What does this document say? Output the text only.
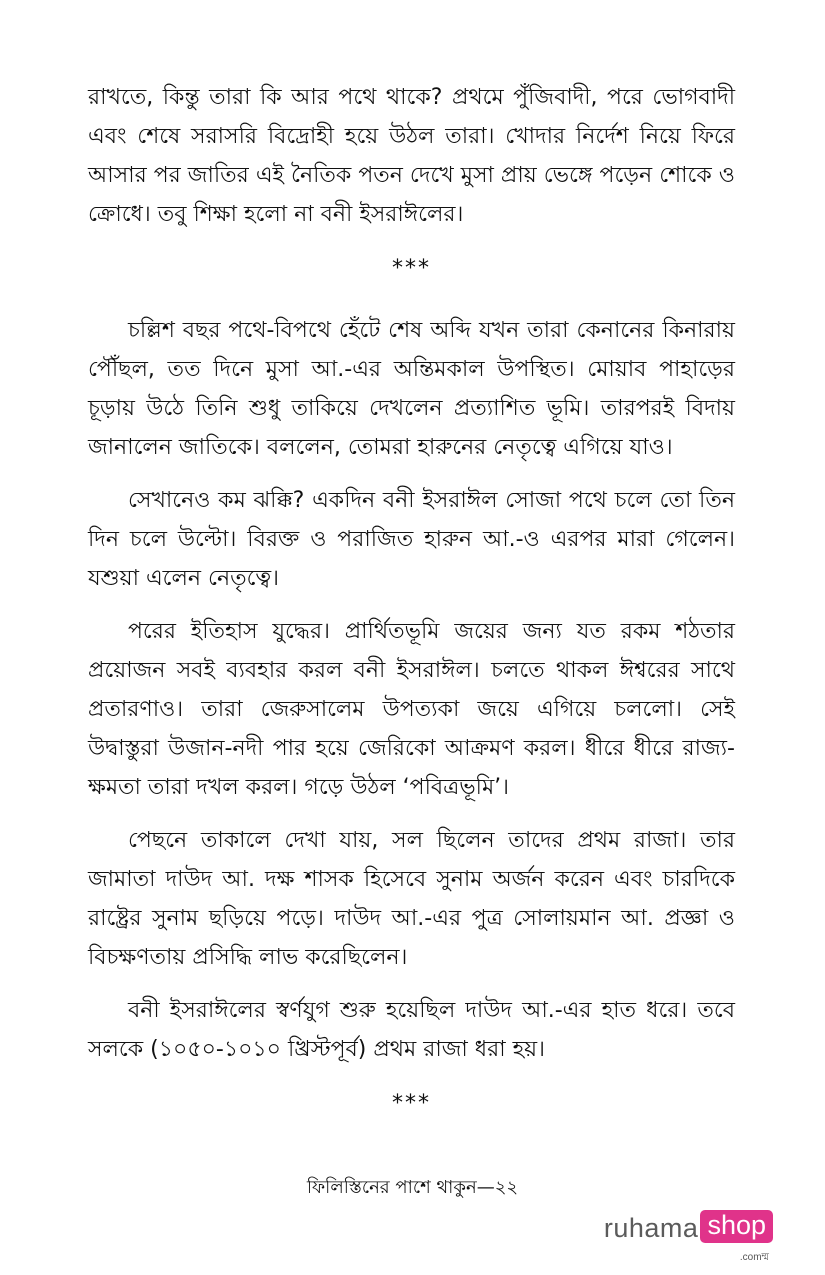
রাখতে, কিন্তু তারা কি আর পথে থাকে? প্রথমে পুঁজিবাদী, পরে ভোগবাদী এবং শেষে সরাসরি বিদ্রোহী হয়ে উঠল তারা। খোদার নির্দেশ নিয়ে ফিরে আসার পর জাতির এই নৈতিক পতন দেখে মুসা প্রায় ভেঙ্গে পড়েন শোকে ও ক্রোধে। তবু শিক্ষা হলো না বনী ইসরাঈলের।

***

চল্লিশ বছর পথে-বিপথে হেঁটে শেষ অব্দি যখন তারা কেনানের কিনারায় পৌঁছল, তত দিনে মুসা আ.-এর অন্তিমকাল উপস্থিত। মোয়াব পাহাড়ের চূড়ায় উঠে তিনি শুধু তাকিয়ে দেখলেন প্রত্যাশিত ভূমি। তারপরই বিদায় জানালেন জাতিকে। বললেন, তোমরা হারুনের নেতৃত্বে এগিয়ে যাও।

সেখানেও কম ঝক্কি? একদিন বনী ইসরাঈল সোজা পথে চলে তো তিন দিন চলে উল্টো। বিরক্ত ও পরাজিত হারুন আ.-ও এরপর মারা গেলেন। যশুয়া এলেন নেতৃত্বে।

পরের ইতিহাস যুদ্ধের। প্রার্থিতভূমি জয়ের জন্য যত রকম শঠতার প্রয়োজন সবই ব্যবহার করল বনী ইসরাঈল। চলতে থাকল ঈশ্বরের সাথে প্রতারণাও। তারা জেরুসালেম উপত্যকা জয়ে এগিয়ে চললো। সেই উদ্বাস্তুরা উজান-নদী পার হয়ে জেরিকো আক্রমণ করল। ধীরে ধীরে রাজ্য-ক্ষমতা তারা দখল করল। গড়ে উঠল ‘পবিত্রভূমি’।

পেছনে তাকালে দেখা যায়, সল ছিলেন তাদের প্রথম রাজা। তার জামাতা দাউদ আ. দক্ষ শাসক হিসেবে সুনাম অর্জন করেন এবং চারদিকে রাষ্ট্রের সুনাম ছড়িয়ে পড়ে। দাউদ আ.-এর পুত্র সোলায়মান আ. প্রজ্ঞা ও বিচক্ষণতায় প্রসিদ্ধি লাভ করেছিলেন।

বনী ইসরাঈলের স্বর্ণযুগ শুরু হয়েছিল দাউদ আ.-এর হাত ধরে। তবে সলকে (১০৫০-১০১০ খ্রিস্টপূর্ব) প্রথম রাজা ধরা হয়।

***
ফিলিস্তিনের পাশে থাকুন—২২
ruhama shop
.comম্ম
